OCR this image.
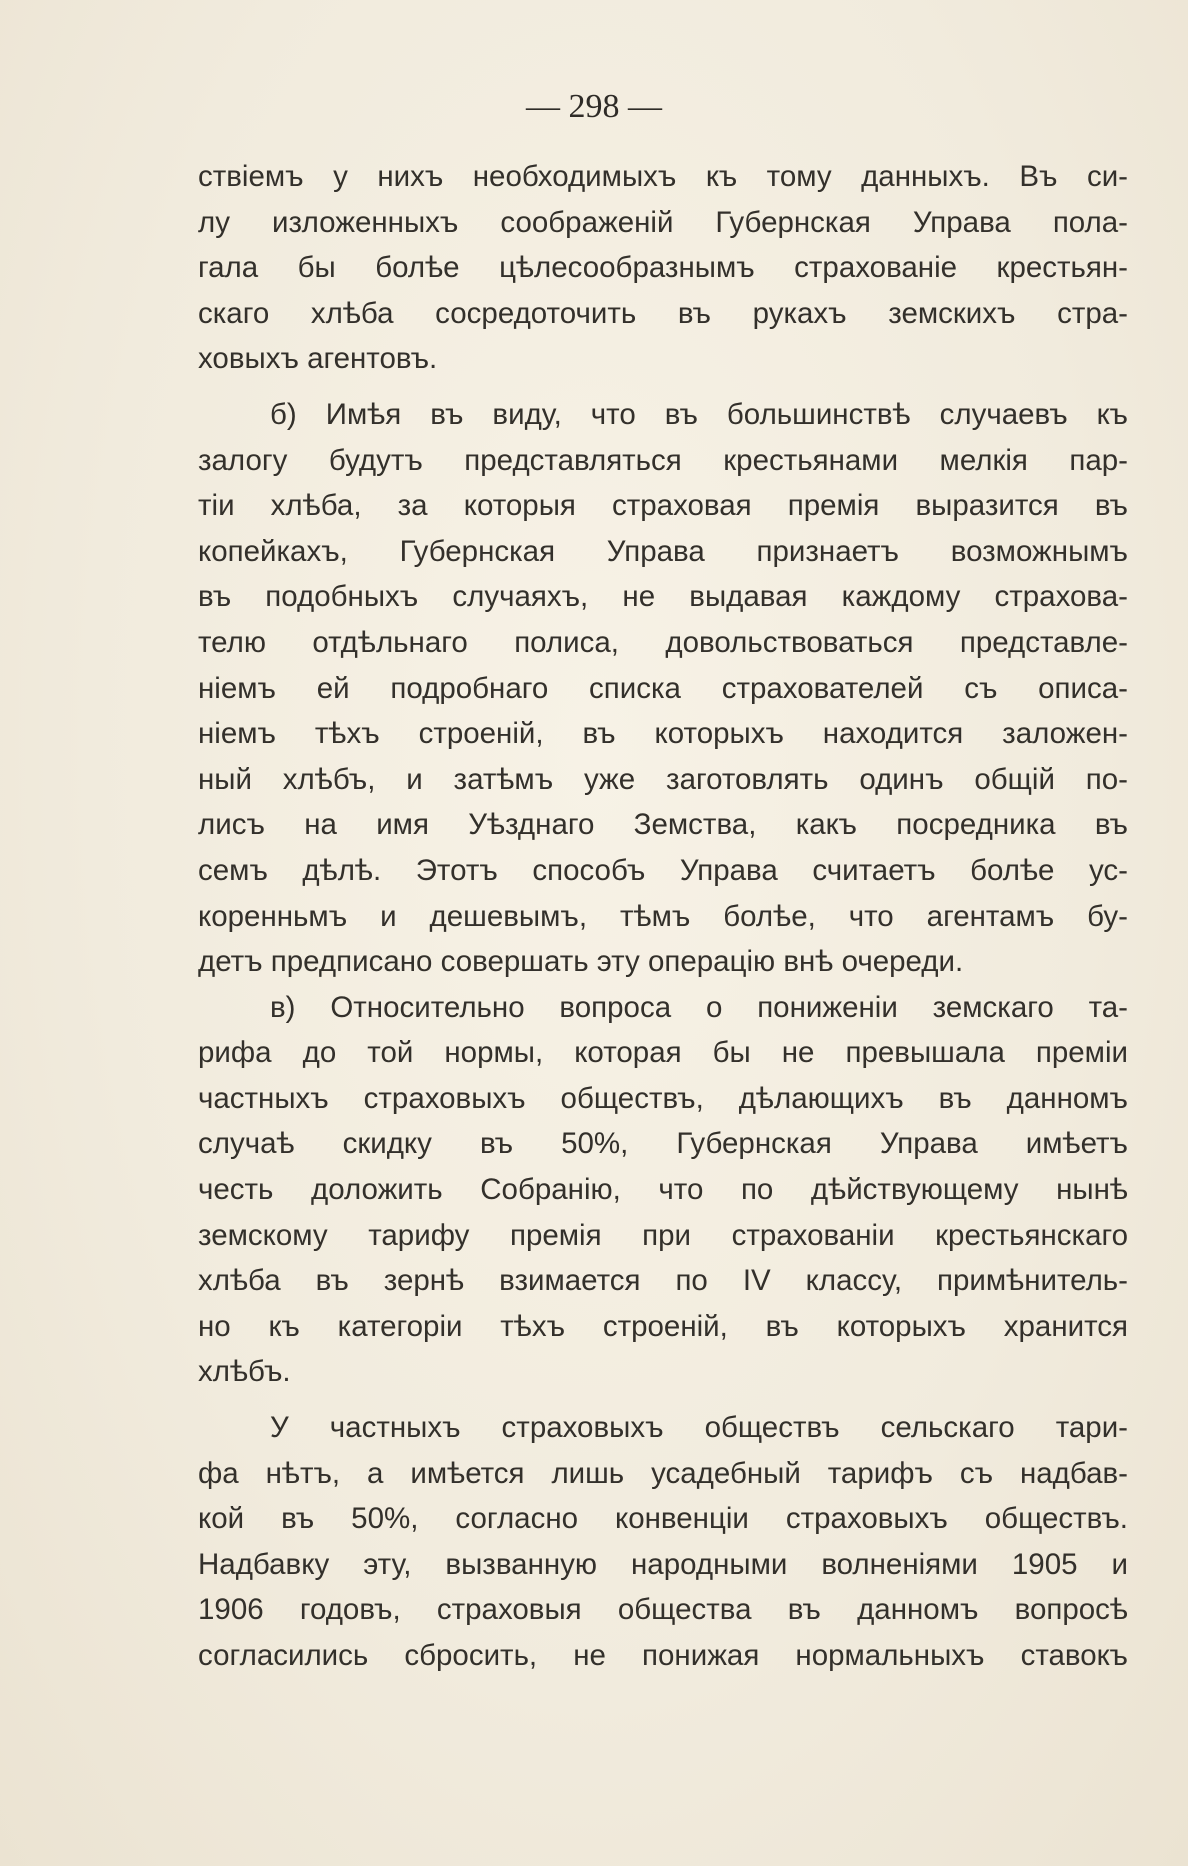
— 298 —
ствіемъ у нихъ необходимыхъ къ тому данныхъ. Въ си-
лу изложенныхъ соображеній Губернская Управа пола-
гала бы болѣе цѣлесообразнымъ страхованіе крестьян-
скаго хлѣба сосредоточить въ рукахъ земскихъ стра-
ховыхъ агентовъ.
б) Имѣя въ виду, что въ большинствѣ случаевъ къ
залогу будутъ представляться крестьянами мелкія пар-
тіи хлѣба, за которыя страховая премія выразится въ
копейкахъ, Губернская Управа признаетъ возможнымъ
въ подобныхъ случаяхъ, не выдавая каждому страхова-
телю отдѣльнаго полиса, довольствоваться представле-
ніемъ ей подробнаго списка страхователей съ описа-
ніемъ тѣхъ строеній, въ которыхъ находится заложен-
ный хлѣбъ, и затѣмъ уже заготовлять одинъ общій по-
лисъ на имя Уѣзднаго Земства, какъ посредника въ
семъ дѣлѣ. Этотъ способъ Управа считаетъ болѣе ус-
коренньмъ и дешевымъ, тѣмъ болѣе, что агентамъ бу-
детъ предписано совершать эту операцію внѣ очереди.
в) Относительно вопроса о пониженіи земскаго та-
рифа до той нормы, которая бы не превышала преміи
частныхъ страховыхъ обществъ, дѣлающихъ въ данномъ
случаѣ скидку въ 50%, Губернская Управа имѣетъ
честь доложить Собранію, что по дѣйствующему нынѣ
земскому тарифу премія при страхованіи крестьянскаго
хлѣба въ зернѣ взимается по IV классу, примѣнитель-
но къ категоріи тѣхъ строеній, въ которыхъ хранится
хлѣбъ.
У частныхъ страховыхъ обществъ сельскаго тари-
фа нѣтъ, а имѣется лишь усадебный тарифъ съ надбав-
кой въ 50%, согласно конвенціи страховыхъ обществъ.
Надбавку эту, вызванную народными волненіями 1905 и
1906 годовъ, страховыя общества въ данномъ вопросѣ
согласились сбросить, не понижая нормальныхъ ставокъ
